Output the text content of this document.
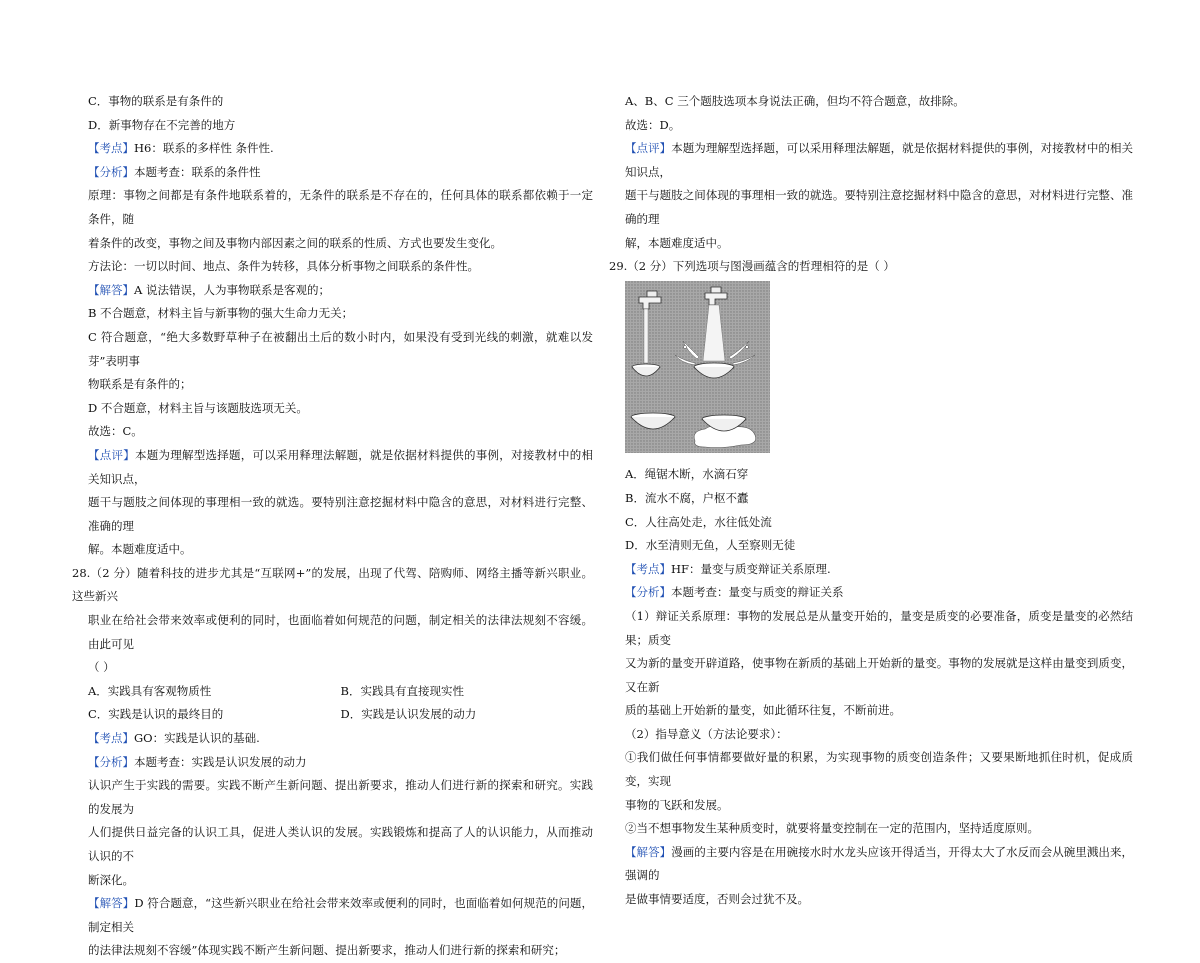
C．事物的联系是有条件的

D．新事物存在不完善的地方

【考点】H6：联系的多样性 条件性.

【分析】本题考查：联系的条件性

原理：事物之间都是有条件地联系着的，无条件的联系是不存在的，任何具体的联系都依赖于一定条件，随

着条件的改变，事物之间及事物内部因素之间的联系的性质、方式也要发生变化。

方法论：一切以时间、地点、条件为转移，具体分析事物之间联系的条件性。

【解答】A 说法错误，人为事物联系是客观的；

B 不合题意，材料主旨与新事物的强大生命力无关；

C 符合题意，“绝大多数野草种子在被翻出土后的数小时内，如果没有受到光线的刺激，就难以发芽”表明事

物联系是有条件的；

D 不合题意，材料主旨与该题肢选项无关。

故选：C。

【点评】本题为理解型选择题，可以采用释理法解题，就是依据材料提供的事例，对接教材中的相关知识点，

题干与题肢之间体现的事理相一致的就选。要特别注意挖掘材料中隐含的意思，对材料进行完整、准确的理

解。本题难度适中。

28.（2 分）随着科技的进步尤其是“互联网+”的发展，出现了代驾、陪购师、网络主播等新兴职业。这些新兴

职业在给社会带来效率或便利的同时，也面临着如何规范的问题，制定相关的法律法规刻不容缓。由此可见

（ ）

A．实践具有客观物质性	B．实践具有直接现实性
C．实践是认识的最终目的	D．实践是认识发展的动力

【考点】GO：实践是认识的基础.

【分析】本题考查：实践是认识发展的动力

认识产生于实践的需要。实践不断产生新问题、提出新要求，推动人们进行新的探索和研究。实践的发展为

人们提供日益完备的认识工具，促进人类认识的发展。实践锻炼和提高了人的认识能力，从而推动认识的不

断深化。

【解答】D 符合题意，“这些新兴职业在给社会带来效率或便利的同时，也面临着如何规范的问题，制定相关

的法律法规刻不容缓”体现实践不断产生新问题、提出新要求，推动人们进行新的探索和研究；

A、B、C 三个题肢选项本身说法正确，但均不符合题意，故排除。

故选：D。

【点评】本题为理解型选择题，可以采用释理法解题，就是依据材料提供的事例，对接教材中的相关知识点，

题干与题肢之间体现的事理相一致的就选。要特别注意挖掘材料中隐含的意思，对材料进行完整、准确的理

解，本题难度适中。

29.（2 分）下列选项与图漫画蕴含的哲理相符的是（ ）

A．绳锯木断，水滴石穿

B．流水不腐，户枢不蠹

C．人往高处走，水往低处流

D．水至清则无鱼，人至察则无徒

【考点】HF：量变与质变辩证关系原理.

【分析】本题考查：量变与质变的辩证关系

（1）辩证关系原理：事物的发展总是从量变开始的，量变是质变的必要准备，质变是量变的必然结果；质变

又为新的量变开辟道路，使事物在新质的基础上开始新的量变。事物的发展就是这样由量变到质变，又在新

质的基础上开始新的量变，如此循环往复，不断前进。

（2）指导意义（方法论要求）：

①我们做任何事情都要做好量的积累，为实现事物的质变创造条件；又要果断地抓住时机，促成质变，实现

事物的飞跃和发展。

②当不想事物发生某种质变时，就要将量变控制在一定的范围内，坚持适度原则。

【解答】漫画的主要内容是在用碗接水时水龙头应该开得适当，开得太大了水反而会从碗里溅出来，强调的

是做事情要适度，否则会过犹不及。
